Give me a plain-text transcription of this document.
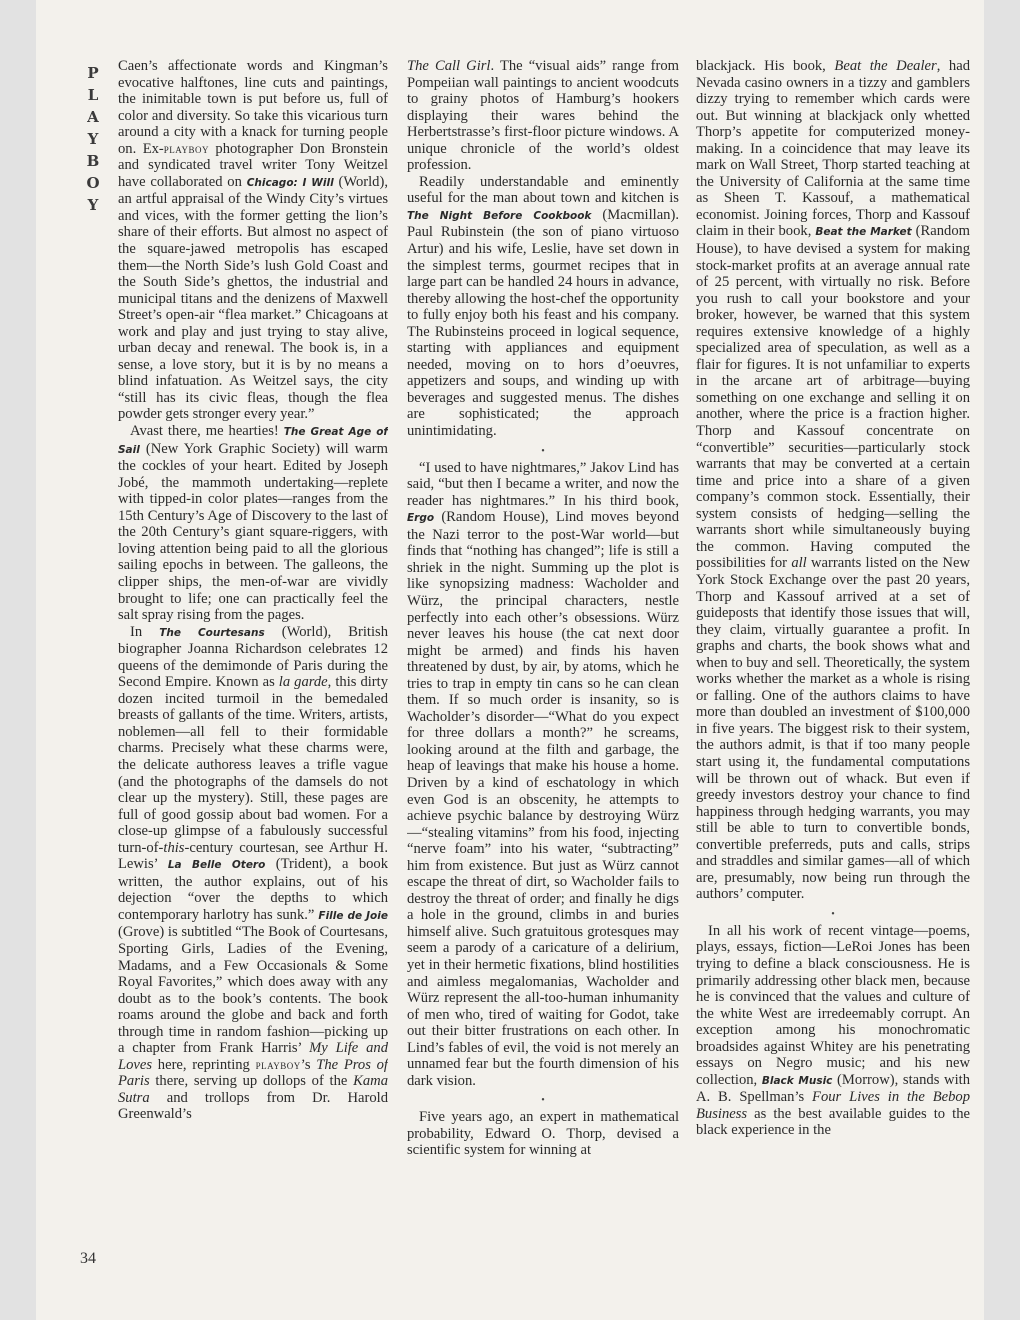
P
L
A
Y
B
O
Y
34

Caen’s affectionate words and Kingman’s evocative halftones, line cuts and paintings, the inimitable town is put before us, full of color and diversity. So take this vicarious turn around a city with a knack for turning people on. Ex-playboy photographer Don Bronstein and syndicated travel writer Tony Weitzel have collaborated on Chicago: I Will (World), an artful appraisal of the Windy City’s virtues and vices, with the former getting the lion’s share of their efforts. But almost no aspect of the square-jawed metropolis has escaped them—the North Side’s lush Gold Coast and the South Side’s ghettos, the industrial and municipal titans and the denizens of Maxwell Street’s open-air “flea market.” Chicagoans at work and play and just trying to stay alive, urban decay and renewal. The book is, in a sense, a love story, but it is by no means a blind infatuation. As Weitzel says, the city “still has its civic fleas, though the flea powder gets stronger every year.”

Avast there, me hearties! The Great Age of Sail (New York Graphic Society) will warm the cockles of your heart. Edited by Joseph Jobé, the mammoth undertaking—replete with tipped-in color plates—ranges from the 15th Century’s Age of Discovery to the last of the 20th Century’s giant square-riggers, with loving attention being paid to all the glorious sailing epochs in between. The galleons, the clipper ships, the men-of-war are vividly brought to life; one can practically feel the salt spray rising from the pages.

In The Courtesans (World), British biographer Joanna Richardson celebrates 12 queens of the demimonde of Paris during the Second Empire. Known as la garde, this dirty dozen incited turmoil in the bemedaled breasts of gallants of the time. Writers, artists, noblemen—all fell to their formidable charms. Precisely what these charms were, the delicate authoress leaves a trifle vague (and the photographs of the damsels do not clear up the mystery). Still, these pages are full of good gossip about bad women. For a close-up glimpse of a fabulously successful turn-of-this-century courtesan, see Arthur H. Lewis’ La Belle Otero (Trident), a book written, the author explains, out of his dejection “over the depths to which contemporary harlotry has sunk.” Fille de Joie (Grove) is subtitled “The Book of Courtesans, Sporting Girls, Ladies of the Evening, Madams, and a Few Occasionals & Some Royal Favorites,” which does away with any doubt as to the book’s contents. The book roams around the globe and back and forth through time in random fashion—picking up a chapter from Frank Harris’ My Life and Loves here, reprinting playboy’s The Pros of Paris there, serving up dollops of the Kama Sutra and trollops from Dr. Harold Greenwald’s

The Call Girl. The “visual aids” range from Pompeiian wall paintings to ancient woodcuts to grainy photos of Hamburg’s hookers displaying their wares behind the Herbertstrasse’s first-floor picture windows. A unique chronicle of the world’s oldest profession.

Readily understandable and eminently useful for the man about town and kitchen is The Night Before Cookbook (Macmillan). Paul Rubinstein (the son of piano virtuoso Artur) and his wife, Leslie, have set down in the simplest terms, gourmet recipes that in large part can be handled 24 hours in advance, thereby allowing the host-chef the opportunity to fully enjoy both his feast and his company. The Rubinsteins proceed in logical sequence, starting with appliances and equipment needed, moving on to hors d’oeuvres, appetizers and soups, and winding up with beverages and suggested menus. The dishes are sophisticated; the approach unintimidating.

•

“I used to have nightmares,” Jakov Lind has said, “but then I became a writer, and now the reader has nightmares.” In his third book, Ergo (Random House), Lind moves beyond the Nazi terror to the post-War world—but finds that “nothing has changed”; life is still a shriek in the night. Summing up the plot is like synopsizing madness: Wacholder and Würz, the principal characters, nestle perfectly into each other’s obsessions. Würz never leaves his house (the cat next door might be armed) and finds his haven threatened by dust, by air, by atoms, which he tries to trap in empty tin cans so he can clean them. If so much order is insanity, so is Wacholder’s disorder—“What do you expect for three dollars a month?” he screams, looking around at the filth and garbage, the heap of leavings that make his house a home. Driven by a kind of eschatology in which even God is an obscenity, he attempts to achieve psychic balance by destroying Würz—“stealing vitamins” from his food, injecting “nerve foam” into his water, “subtracting” him from existence. But just as Würz cannot escape the threat of dirt, so Wacholder fails to destroy the threat of order; and finally he digs a hole in the ground, climbs in and buries himself alive. Such gratuitous grotesques may seem a parody of a caricature of a delirium, yet in their hermetic fixations, blind hostilities and aimless megalomanias, Wacholder and Würz represent the all-too-human inhumanity of men who, tired of waiting for Godot, take out their bitter frustrations on each other. In Lind’s fables of evil, the void is not merely an unnamed fear but the fourth dimension of his dark vision.

•

Five years ago, an expert in mathematical probability, Edward O. Thorp, devised a scientific system for winning at

blackjack. His book, Beat the Dealer, had Nevada casino owners in a tizzy and gamblers dizzy trying to remember which cards were out. But winning at blackjack only whetted Thorp’s appetite for computerized money-making. In a coincidence that may leave its mark on Wall Street, Thorp started teaching at the University of California at the same time as Sheen T. Kassouf, a mathematical economist. Joining forces, Thorp and Kassouf claim in their book, Beat the Market (Random House), to have devised a system for making stock-market profits at an average annual rate of 25 percent, with virtually no risk. Before you rush to call your bookstore and your broker, however, be warned that this system requires extensive knowledge of a highly specialized area of speculation, as well as a flair for figures. It is not unfamiliar to experts in the arcane art of arbitrage—buying something on one exchange and selling it on another, where the price is a fraction higher. Thorp and Kassouf concentrate on “convertible” securities—particularly stock warrants that may be converted at a certain time and price into a share of a given company’s common stock. Essentially, their system consists of hedging—selling the warrants short while simultaneously buying the common. Having computed the possibilities for all warrants listed on the New York Stock Exchange over the past 20 years, Thorp and Kassouf arrived at a set of guideposts that identify those issues that will, they claim, virtually guarantee a profit. In graphs and charts, the book shows what and when to buy and sell. Theoretically, the system works whether the market as a whole is rising or falling. One of the authors claims to have more than doubled an investment of $100,000 in five years. The biggest risk to their system, the authors admit, is that if too many people start using it, the fundamental computations will be thrown out of whack. But even if greedy investors destroy your chance to find happiness through hedging warrants, you may still be able to turn to convertible bonds, convertible preferreds, puts and calls, strips and straddles and similar games—all of which are, presumably, now being run through the authors’ computer.

•

In all his work of recent vintage—poems, plays, essays, fiction—LeRoi Jones has been trying to define a black consciousness. He is primarily addressing other black men, because he is convinced that the values and culture of the white West are irredeemably corrupt. An exception among his monochromatic broadsides against Whitey are his penetrating essays on Negro music; and his new collection, Black Music (Morrow), stands with A. B. Spellman’s Four Lives in the Bebop Business as the best available guides to the black experience in the
